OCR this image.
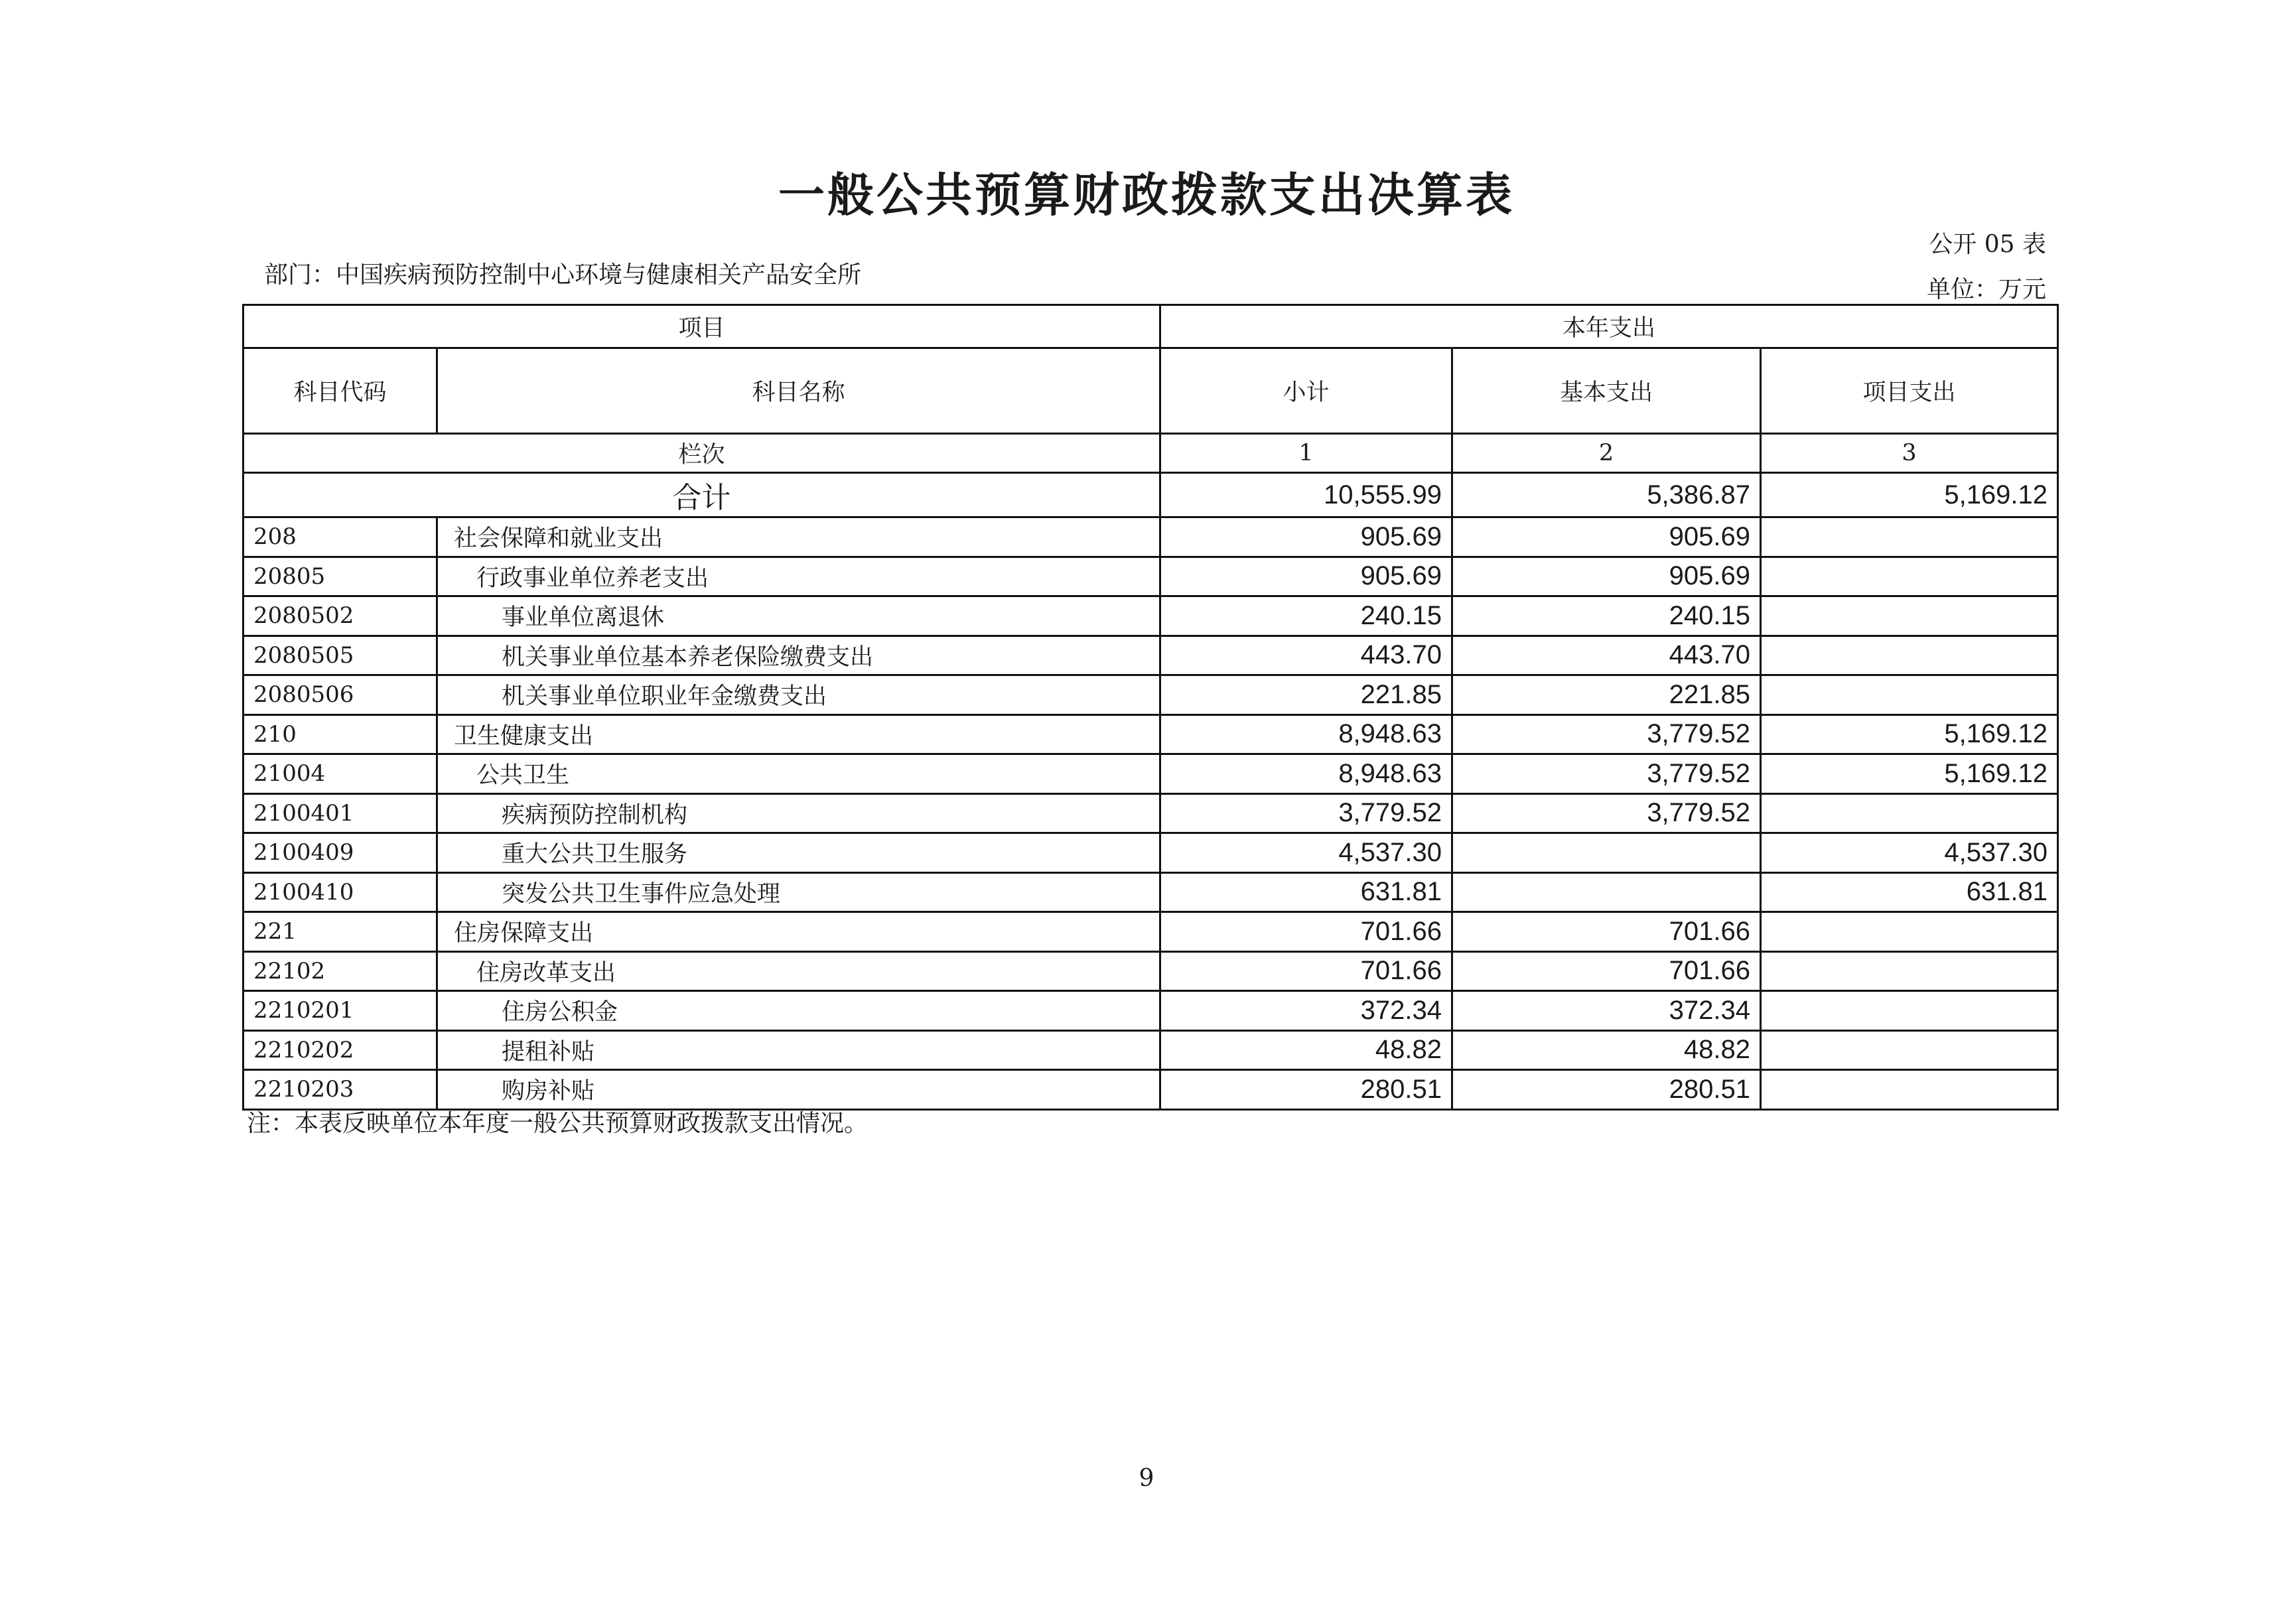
一般公共预算财政拨款支出决算表
公开 05 表
部门：中国疾病预防控制中心环境与健康相关产品安全所
单位：万元
项目		本年支出		
科目代码	科目名称	小计	基本支出	项目支出
栏次		1	2	3
合计		10,555.99	5,386.87	5,169.12
208	社会保障和就业支出	905.69	905.69	
20805	行政事业单位养老支出	905.69	905.69	
2080502	事业单位离退休	240.15	240.15	
2080505	机关事业单位基本养老保险缴费支出	443.70	443.70	
2080506	机关事业单位职业年金缴费支出	221.85	221.85	
210	卫生健康支出	8,948.63	3,779.52	5,169.12
21004	公共卫生	8,948.63	3,779.52	5,169.12
2100401	疾病预防控制机构	3,779.52	3,779.52	
2100409	重大公共卫生服务	4,537.30		4,537.30
2100410	突发公共卫生事件应急处理	631.81		631.81
221	住房保障支出	701.66	701.66	
22102	住房改革支出	701.66	701.66	
2210201	住房公积金	372.34	372.34	
2210202	提租补贴	48.82	48.82	
2210203	购房补贴	280.51	280.51	
注：本表反映单位本年度一般公共预算财政拨款支出情况。
9
